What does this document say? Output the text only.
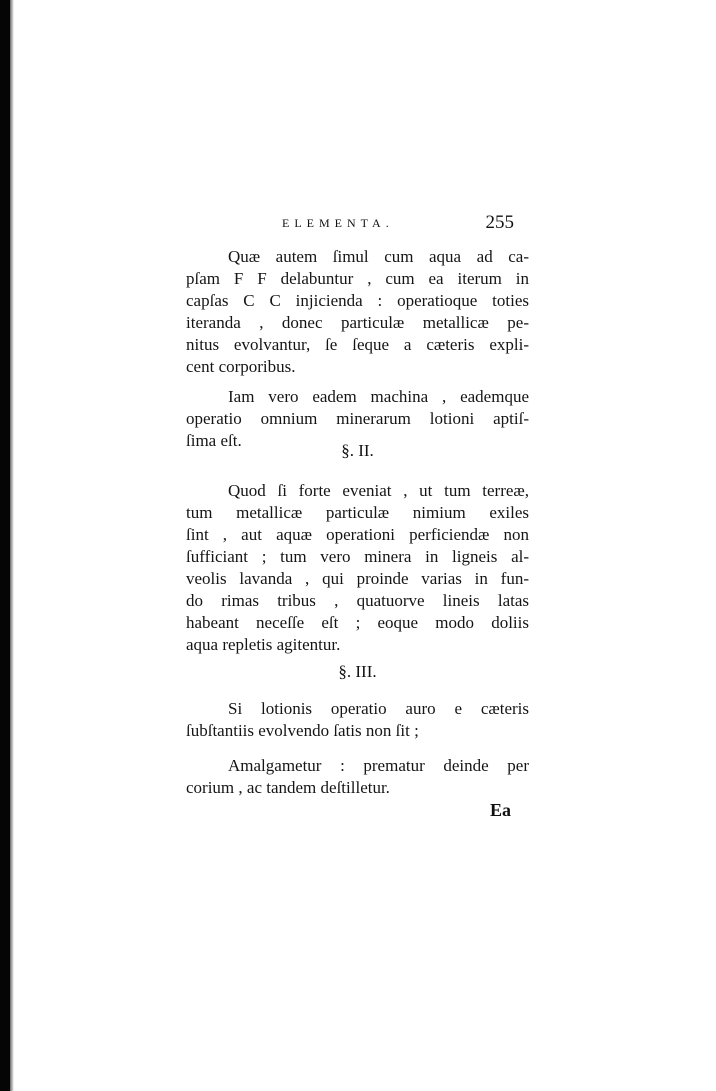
ELEMENTA.	255
Quæ autem ſimul cum aqua ad ca-
pſam F F delabuntur , cum ea iterum in
capſas C C injicienda : operatioque toties
iteranda , donec particulæ metallicæ pe-
nitus evolvantur, ſe ſeque a cæteris expli-
cent corporibus.
Iam vero eadem machina , eademque
operatio omnium minerarum lotioni aptiſ-
ſima eſt.
§. II.
Quod ſi forte eveniat , ut tum terreæ,
tum metallicæ particulæ nimium exiles
ſint , aut aquæ operationi perficiendæ non
ſufficiant ; tum vero minera in ligneis al-
veolis lavanda , qui proinde varias in fun-
do rimas tribus , quatuorve lineis latas
habeant neceſſe eſt ; eoque modo doliis
aqua repletis agitentur.
§. III.
Si lotionis operatio auro e cæteris
ſubſtantiis evolvendo ſatis non ſit ;
Amalgametur : prematur deinde per
corium , ac tandem deſtilletur.
Ea
